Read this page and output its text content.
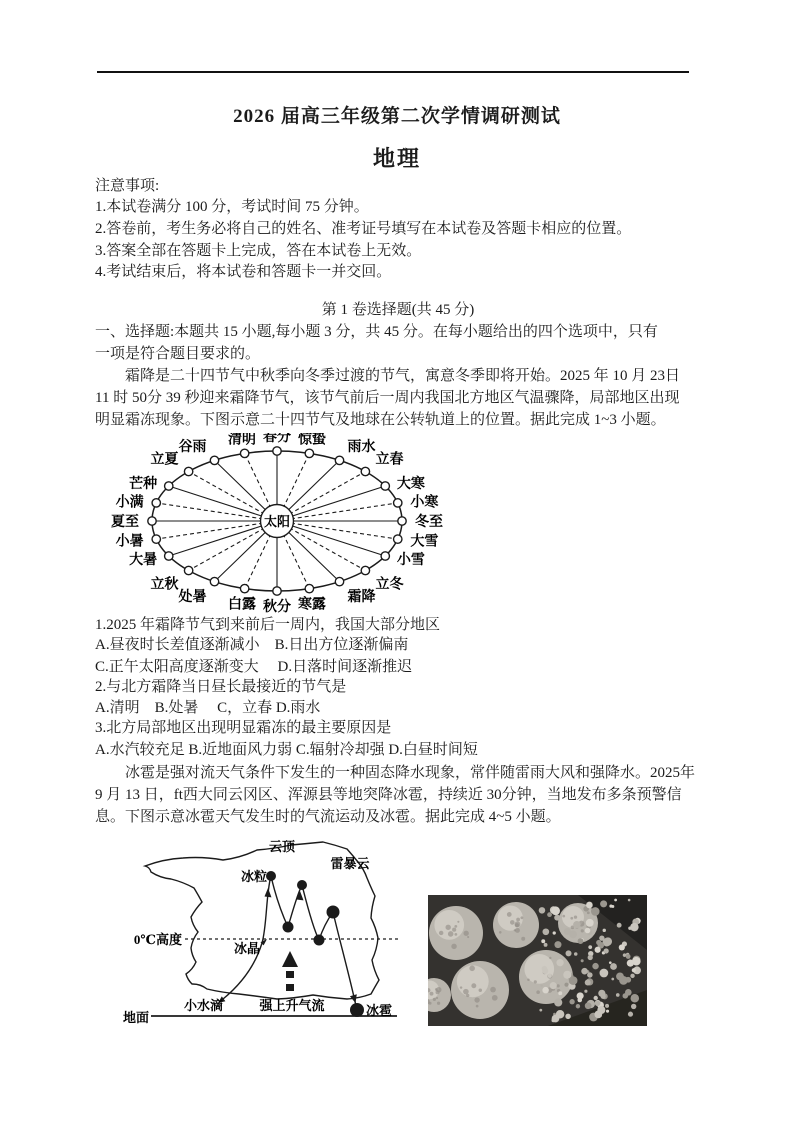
2026 届高三年级第二次学情调研测试
地理
注意事项:
1.本试卷满分 100 分，考试时间 75 分钟。
2.答卷前，考生务必将自己的姓名、准考证号填写在本试卷及答题卡相应的位置。
3.答案全部在答题卡上完成，答在本试卷上无效。
4.考试结束后，将本试卷和答题卡一并交回。
第 1 卷选择题(共 45 分)
一、选择题:本题共 15 小题,每小题 3 分，共 45 分。在每小题给出的四个选项中，只有
一项是符合题目要求的。
霜降是二十四节气中秋季向冬季过渡的节气，寓意冬季即将开始。2025 年 10 月 23日
11 时 50分 39 秒迎来霜降节气，该节气前后一周内我国北方地区气温骤降，局部地区出现
明显霜冻现象。下图示意二十四节气及地球在公转轨道上的位置。据此完成 1~3 小题。
春分 惊蛰
雨水
立春
大寒
小寒
冬至
大雪
小雪
立冬
霜降
寒露
秋分
白露
处暑
立秋
大暑
小暑
夏至
小满
芒种
立夏
谷雨
清明
太阳
1.2025 年霜降节气到来前后一周内，我国大部分地区
A.昼夜时长差值逐渐减小　B.日出方位逐渐偏南
C.正午太阳高度逐渐变大　 D.日落时间逐渐推迟
2.与北方霜降当日昼长最接近的节气是
A.清明　B.处暑　 C，立春 D.雨水
3.北方局部地区出现明显霜冻的最主要原因是
A.水汽较充足 B.近地面风力弱 C.辐射冷却强 D.白昼时间短
冰雹是强对流天气条件下发生的一种固态降水现象，常伴随雷雨大风和强降水。2025年
9 月 13 日，ft西大同云冈区、浑源县等地突降冰雹，持续近 30分钟，当地发布多条预警信
息。下图示意冰雹天气发生时的气流运动及冰雹。据此完成 4~5 小题。
云顶
雷暴云
冰粒
0℃高度
冰晶
小水滴	强上升气流	冰雹
地面
